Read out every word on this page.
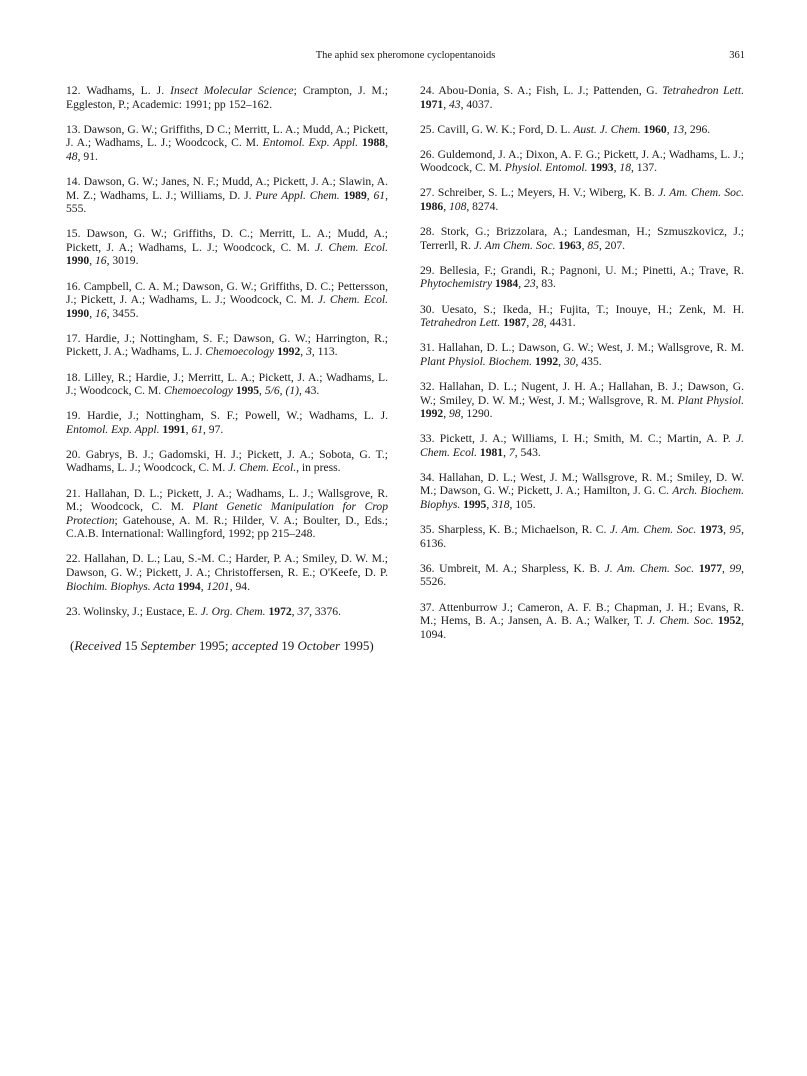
The aphid sex pheromone cyclopentanoids	361
12. Wadhams, L. J. Insect Molecular Science; Crampton, J. M.; Eggleston, P.; Academic: 1991; pp 152–162.
13. Dawson, G. W.; Griffiths, D C.; Merritt, L. A.; Mudd, A.; Pickett, J. A.; Wadhams, L. J.; Woodcock, C. M. Entomol. Exp. Appl. 1988, 48, 91.
14. Dawson, G. W.; Janes, N. F.; Mudd, A.; Pickett, J. A.; Slawin, A. M. Z.; Wadhams, L. J.; Williams, D. J. Pure Appl. Chem. 1989, 61, 555.
15. Dawson, G. W.; Griffiths, D. C.; Merritt, L. A.; Mudd, A.; Pickett, J. A.; Wadhams, L. J.; Woodcock, C. M. J. Chem. Ecol. 1990, 16, 3019.
16. Campbell, C. A. M.; Dawson, G. W.; Griffiths, D. C.; Pettersson, J.; Pickett, J. A.; Wadhams, L. J.; Woodcock, C. M. J. Chem. Ecol. 1990, 16, 3455.
17. Hardie, J.; Nottingham, S. F.; Dawson, G. W.; Harrington, R.; Pickett, J. A.; Wadhams, L. J. Chemoecology 1992, 3, 113.
18. Lilley, R.; Hardie, J.; Merritt, L. A.; Pickett, J. A.; Wadhams, L. J.; Woodcock, C. M. Chemoecology 1995, 5/6, (1), 43.
19. Hardie, J.; Nottingham, S. F.; Powell, W.; Wadhams, L. J. Entomol. Exp. Appl. 1991, 61, 97.
20. Gabrys, B. J.; Gadomski, H. J.; Pickett, J. A.; Sobota, G. T.; Wadhams, L. J.; Woodcock, C. M. J. Chem. Ecol., in press.
21. Hallahan, D. L.; Pickett, J. A.; Wadhams, L. J.; Wallsgrove, R. M.; Woodcock, C. M. Plant Genetic Manipulation for Crop Protection; Gatehouse, A. M. R.; Hilder, V. A.; Boulter, D., Eds.; C.A.B. International: Wallingford, 1992; pp 215–248.
22. Hallahan, D. L.; Lau, S.-M. C.; Harder, P. A.; Smiley, D. W. M.; Dawson, G. W.; Pickett, J. A.; Christoffersen, R. E.; O'Keefe, D. P. Biochim. Biophys. Acta 1994, 1201, 94.
23. Wolinsky, J.; Eustace, E. J. Org. Chem. 1972, 37, 3376.
24. Abou-Donia, S. A.; Fish, L. J.; Pattenden, G. Tetrahedron Lett. 1971, 43, 4037.
25. Cavill, G. W. K.; Ford, D. L. Aust. J. Chem. 1960, 13, 296.
26. Guldemond, J. A.; Dixon, A. F. G.; Pickett, J. A.; Wadhams, L. J.; Woodcock, C. M. Physiol. Entomol. 1993, 18, 137.
27. Schreiber, S. L.; Meyers, H. V.; Wiberg, K. B. J. Am. Chem. Soc. 1986, 108, 8274.
28. Stork, G.; Brizzolara, A.; Landesman, H.; Szmuszkovicz, J.; Terrerll, R. J. Am Chem. Soc. 1963, 85, 207.
29. Bellesia, F.; Grandi, R.; Pagnoni, U. M.; Pinetti, A.; Trave, R. Phytochemistry 1984, 23, 83.
30. Uesato, S.; Ikeda, H.; Fujita, T.; Inouye, H.; Zenk, M. H. Tetrahedron Lett. 1987, 28, 4431.
31. Hallahan, D. L.; Dawson, G. W.; West, J. M.; Wallsgrove, R. M. Plant Physiol. Biochem. 1992, 30, 435.
32. Hallahan, D. L.; Nugent, J. H. A.; Hallahan, B. J.; Dawson, G. W.; Smiley, D. W. M.; West, J. M.; Wallsgrove, R. M. Plant Physiol. 1992, 98, 1290.
33. Pickett, J. A.; Williams, I. H.; Smith, M. C.; Martin, A. P. J. Chem. Ecol. 1981, 7, 543.
34. Hallahan, D. L.; West, J. M.; Wallsgrove, R. M.; Smiley, D. W. M.; Dawson, G. W.; Pickett, J. A.; Hamilton, J. G. C. Arch. Biochem. Biophys. 1995, 318, 105.
35. Sharpless, K. B.; Michaelson, R. C. J. Am. Chem. Soc. 1973, 95, 6136.
36. Umbreit, M. A.; Sharpless, K. B. J. Am. Chem. Soc. 1977, 99, 5526.
37. Attenburrow J.; Cameron, A. F. B.; Chapman, J. H.; Evans, R. M.; Hems, B. A.; Jansen, A. B. A.; Walker, T. J. Chem. Soc. 1952, 1094.
(Received 15 September 1995; accepted 19 October 1995)
